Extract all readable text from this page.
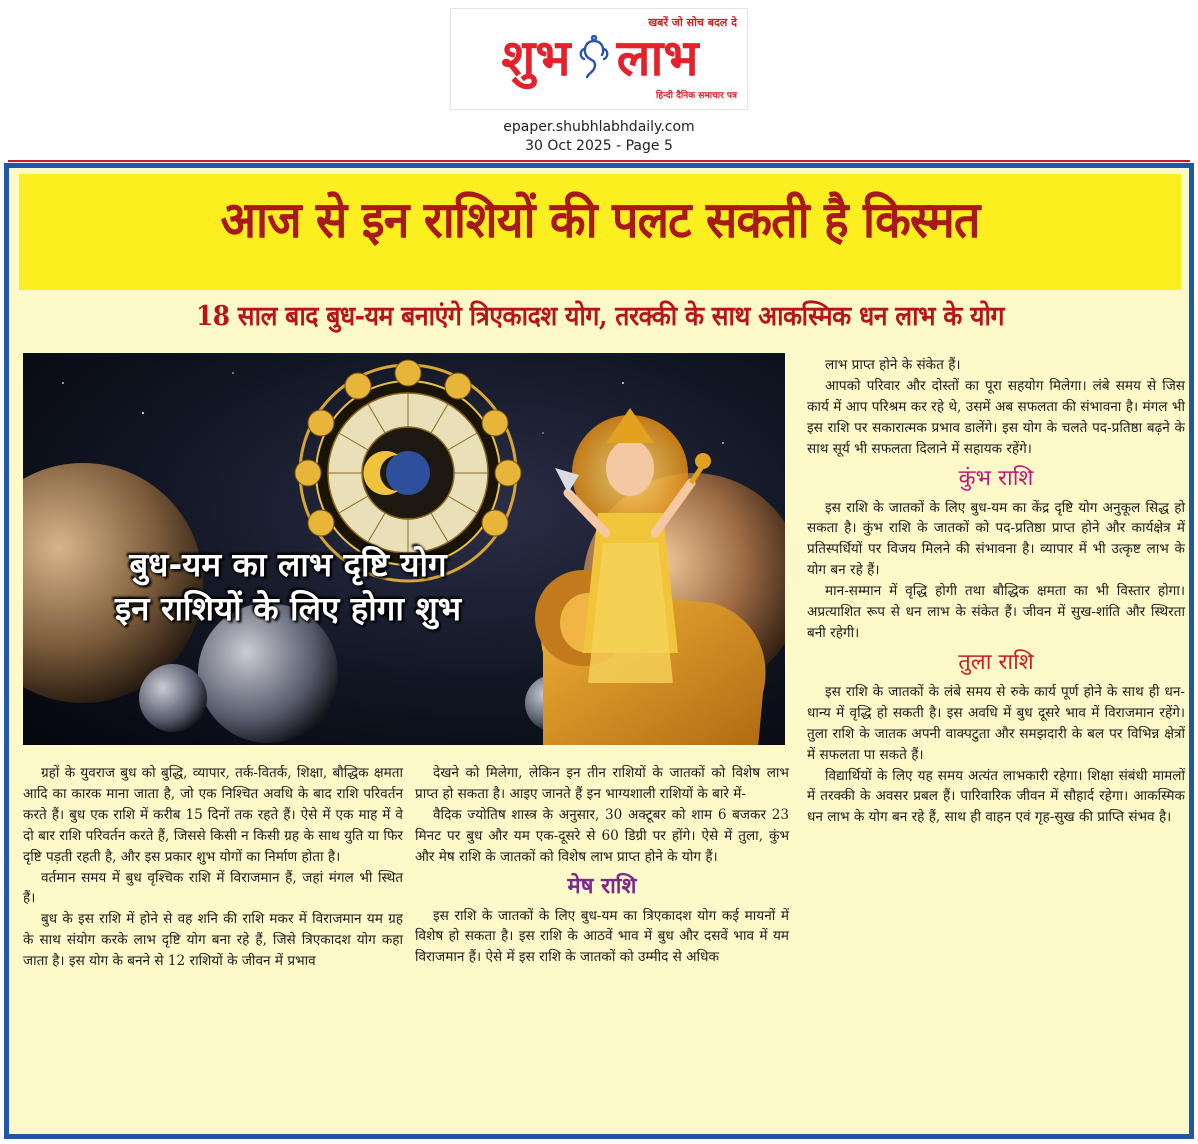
खबरें जो सोच बदल दे
शुभ लाभ
हिन्दी दैनिक समाचार पत्र
epaper.shubhlabhdaily.com
30 Oct 2025 - Page 5
आज से इन राशियों की पलट सकती है किस्मत
18 साल बाद बुध-यम बनाएंगे त्रिएकादश योग, तरक्की के साथ आकस्मिक धन लाभ के योग
बुध-यम का लाभ दृष्टि योग
इन राशियों के लिए होगा शुभ

ग्रहों के युवराज बुध को बुद्धि, व्यापार, तर्क-वितर्क, शिक्षा, बौद्धिक क्षमता आदि का कारक माना जाता है, जो एक निश्चित अवधि के बाद राशि परिवर्तन करते हैं। बुध एक राशि में करीब 15 दिनों तक रहते हैं। ऐसे में एक माह में वे दो बार राशि परिवर्तन करते हैं, जिससे किसी न किसी ग्रह के साथ युति या फिर दृष्टि पड़ती रहती है, और इस प्रकार शुभ योगों का निर्माण होता है।

वर्तमान समय में बुध वृश्चिक राशि में विराजमान हैं, जहां मंगल भी स्थित हैं।

बुध के इस राशि में होने से वह शनि की राशि मकर में विराजमान यम ग्रह के साथ संयोग करके लाभ दृष्टि योग बना रहे हैं, जिसे त्रिएकादश योग कहा जाता है। इस योग के बनने से 12 राशियों के जीवन में प्रभाव

देखने को मिलेगा, लेकिन इन तीन राशियों के जातकों को विशेष लाभ प्राप्त हो सकता है। आइए जानते हैं इन भाग्यशाली राशियों के बारे में-

वैदिक ज्योतिष शास्त्र के अनुसार, 30 अक्टूबर को शाम 6 बजकर 23 मिनट पर बुध और यम एक-दूसरे से 60 डिग्री पर होंगे। ऐसे में तुला, कुंभ और मेष राशि के जातकों को विशेष लाभ प्राप्त होने के योग हैं।

मेष राशि

इस राशि के जातकों के लिए बुध-यम का त्रिएकादश योग कई मायनों में विशेष हो सकता है। इस राशि के आठवें भाव में बुध और दसवें भाव में यम विराजमान हैं। ऐसे में इस राशि के जातकों को उम्मीद से अधिक

लाभ प्राप्त होने के संकेत हैं।

आपको परिवार और दोस्तों का पूरा सहयोग मिलेगा। लंबे समय से जिस कार्य में आप परिश्रम कर रहे थे, उसमें अब सफलता की संभावना है। मंगल भी इस राशि पर सकारात्मक प्रभाव डालेंगे। इस योग के चलते पद-प्रतिष्ठा बढ़ने के साथ सूर्य भी सफलता दिलाने में सहायक रहेंगे।

कुंभ राशि

इस राशि के जातकों के लिए बुध-यम का केंद्र दृष्टि योग अनुकूल सिद्ध हो सकता है। कुंभ राशि के जातकों को पद-प्रतिष्ठा प्राप्त होने और कार्यक्षेत्र में प्रतिस्पर्धियों पर विजय मिलने की संभावना है। व्यापार में भी उत्कृष्ट लाभ के योग बन रहे हैं।

मान-सम्मान में वृद्धि होगी तथा बौद्धिक क्षमता का भी विस्तार होगा। अप्रत्याशित रूप से धन लाभ के संकेत हैं। जीवन में सुख-शांति और स्थिरता बनी रहेगी।

तुला राशि

इस राशि के जातकों के लंबे समय से रुके कार्य पूर्ण होने के साथ ही धन-धान्य में वृद्धि हो सकती है। इस अवधि में बुध दूसरे भाव में विराजमान रहेंगे। तुला राशि के जातक अपनी वाक्पटुता और समझदारी के बल पर विभिन्न क्षेत्रों में सफलता पा सकते हैं।

विद्यार्थियों के लिए यह समय अत्यंत लाभकारी रहेगा। शिक्षा संबंधी मामलों में तरक्की के अवसर प्रबल हैं। पारिवारिक जीवन में सौहार्द रहेगा। आकस्मिक धन लाभ के योग बन रहे हैं, साथ ही वाहन एवं गृह-सुख की प्राप्ति संभव है।
